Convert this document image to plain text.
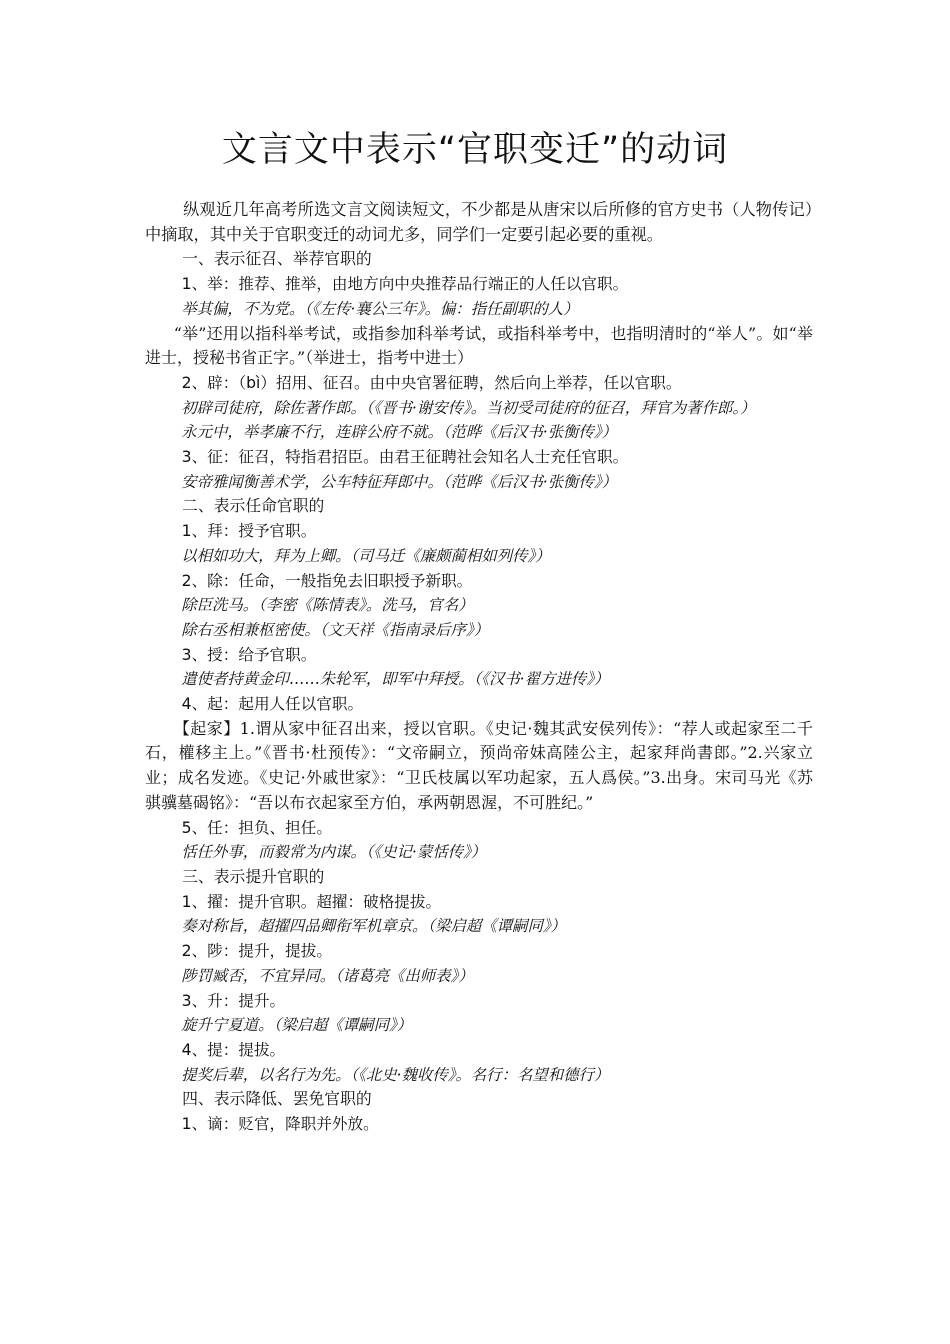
文言文中表示“官职变迁”的动词

纵观近几年高考所选文言文阅读短文，不少都是从唐宋以后所修的官方史书（人物传记）中摘取，其中关于官职变迁的动词尤多，同学们一定要引起必要的重视。

一、表示征召、举荐官职的

1、举：推荐、推举，由地方向中央推荐品行端正的人任以官职。

举其偏，不为党。（《左传·襄公三年》。偏：指任副职的人）

“举”还用以指科举考试，或指参加科举考试，或指科举考中，也指明清时的“举人”。如“举进士，授秘书省正字。”（举进士，指考中进士）

2、辟：（bì）招用、征召。由中央官署征聘，然后向上举荐，任以官职。

初辟司徒府，除佐著作郎。（《晋书·谢安传》。当初受司徒府的征召，拜官为著作郎。）

永元中，举孝廉不行，连辟公府不就。（范晔《后汉书·张衡传》）

3、征：征召，特指君招臣。由君王征聘社会知名人士充任官职。

安帝雅闻衡善术学，公车特征拜郎中。（范晔《后汉书·张衡传》）

二、表示任命官职的

1、拜：授予官职。

以相如功大，拜为上卿。（司马迁《廉颇蔺相如列传》）

2、除：任命，一般指免去旧职授予新职。

除臣洗马。（李密《陈情表》。洗马，官名）

除右丞相兼枢密使。（文天祥《指南录后序》）

3、授：给予官职。

遣使者持黄金印……朱轮军，即军中拜授。（《汉书·翟方进传》）

4、起：起用人任以官职。

【起家】1.谓从家中征召出来，授以官职。《史记·魏其武安侯列传》：“荐人或起家至二千石，權移主上。”《晋书·杜预传》：“文帝嗣立，预尚帝妹高陸公主，起家拜尚書郎。”2.兴家立业；成名发迹。《史记·外戚世家》：“卫氏枝属以军功起家，五人爲侯。”3.出身。宋司马光《苏骐骥墓碣铭》：“吾以布衣起家至方伯，承两朝恩渥，不可胜纪。”

5、任：担负、担任。

恬任外事，而毅常为内谋。（《史记·蒙恬传》）

三、表示提升官职的

1、擢：提升官职。超擢：破格提拔。

奏对称旨，超擢四品卿衔军机章京。（梁启超《谭嗣同》）

2、陟：提升，提拔。

陟罚臧否，不宜异同。（诸葛亮《出师表》）

3、升：提升。

旋升宁夏道。（梁启超《谭嗣同》）

4、提：提拔。

提奖后辈，以名行为先。（《北史·魏收传》。名行：名望和德行）

四、表示降低、罢免官职的

1、谪：贬官，降职并外放。
